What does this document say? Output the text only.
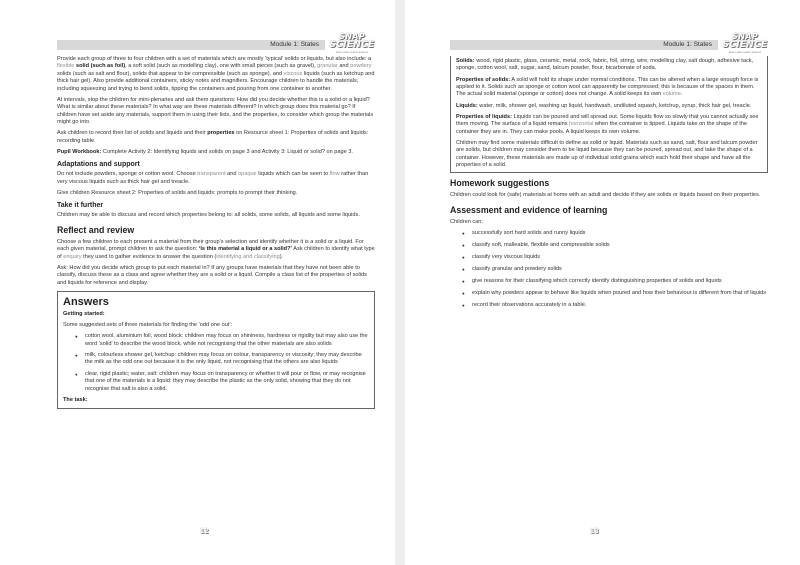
Module 1: States
SNAP
SCIENCE
learn·plan·teach·assess

Provide each group of three to four children with a set of materials which are mostly ‘typical’ solids or liquids, but also include: a flexible solid (such as foil), a soft solid (such as modelling clay), one with small pieces (such as gravel), granular and powdery solids (such as salt and flour), solids that appear to be compressible (such as sponge), and viscous liquids (such as ketchup and thick hair gel). Also provide additional containers, sticky notes and magnifiers. Encourage children to handle the materials, including squeezing and trying to bend solids, tipping the containers and pouring from one container to another.

At intervals, stop the children for mini-plenaries and ask them questions: How did you decide whether this is a solid or a liquid? What is similar about these materials? In what way are these materials different? In which group does this material go? If children have set aside any materials, support them in using their lists, and the properties, to consider which group the materials might go into.

Ask children to record their list of solids and liquids and their properties on Resource sheet 1: Properties of solids and liquids: recording table.

Pupil Workbook: Complete Activity 2: Identifying liquids and solids on page 3 and Activity 3: Liquid or solid? on page 3.

Adaptations and support

Do not include powders, sponge or cotton wool. Choose transparent and opaque liquids which can be seen to flow rather than very viscous liquids such as thick hair gel and treacle.

Give children Resource sheet 2: Properties of solids and liquids: prompts to prompt their thinking.

Take it further

Children may be able to discuss and record which properties belong to: all solids, some solids, all liquids and some liquids.

Reflect and review

Choose a few children to each present a material from their group’s selection and identify whether it is a solid or a liquid. For each given material, prompt children to ask the question: ‘Is this material a liquid or a solid?’ Ask children to identify what type of enquiry they used to gather evidence to answer the question (identifying and classifying).

Ask: How did you decide which group to put each material in? If any groups have materials that they have not been able to classify, discuss these as a class and agree whether they are a solid or a liquid. Compile a class list of the properties of solids and liquids for reference and display.

Answers

Getting started:

Some suggested sets of three materials for finding the ‘odd one out’:

● cotton wool, aluminium foil, wood block: children may focus on shininess, hardness or rigidity but may also use the word ‘solid’ to describe the wood block, while not recognising that the other materials are also solids
● milk, colourless shower gel, ketchup: children may focus on colour, transparency or viscosity; they may describe the milk as the odd one out because it is the only liquid, not recognising that the others are also liquids
● clear, rigid plastic; water, salt: children may focus on transparency or whether it will pour or flow, or may recognise that one of the materials is a liquid; they may describe the plastic as the only solid, showing that they do not recognise that salt is also a solid.

The task:

12
Module 1: States
SNAP
SCIENCE
learn·plan·teach·assess

Solids: wood, rigid plastic, glass, ceramic, metal, rock, fabric, foil, string, wire, modelling clay, salt dough, adhesive tack, sponge, cotton wool, salt, sugar, sand, talcum powder, flour, bicarbonate of soda.

Properties of solids: A solid will hold its shape under normal conditions. This can be altered when a large enough force is applied to it. Solids such as sponge or cotton wool can apparently be compressed; this is because of the spaces in them. The actual solid material (sponge or cotton) does not change. A solid keeps its own volume.

Liquids: water, milk, shower gel, washing up liquid, handwash, undiluted squash, ketchup, syrup, thick hair gel, treacle.

Properties of liquids: Liquids can be poured and will spread out. Some liquids flow so slowly that you cannot actually see them moving. The surface of a liquid remains horizontal when the container is tipped. Liquids take on the shape of the container they are in. They can make pools. A liquid keeps its own volume.

Children may find some materials difficult to define as solid or liquid. Materials such as sand, salt, flour and talcum powder are solids, but children may consider them to be liquid because they can be poured, spread out, and take the shape of a container. However, these materials are made up of individual solid grains which each hold their shape and have all the properties of a solid.

Homework suggestions

Children could look for (safe) materials at home with an adult and decide if they are solids or liquids based on their properties.

Assessment and evidence of learning

Children can:

● successfully sort hard solids and runny liquids
● classify soft, malleable, flexible and compressible solids
● classify very viscous liquids
● classify granular and powdery solids
● give reasons for their classifying which correctly identify distinguishing properties of solids and liquids
● explain why powders appear to behave like liquids when poured and how their behaviour is different from that of liquids
● record their observations accurately in a table.
13
